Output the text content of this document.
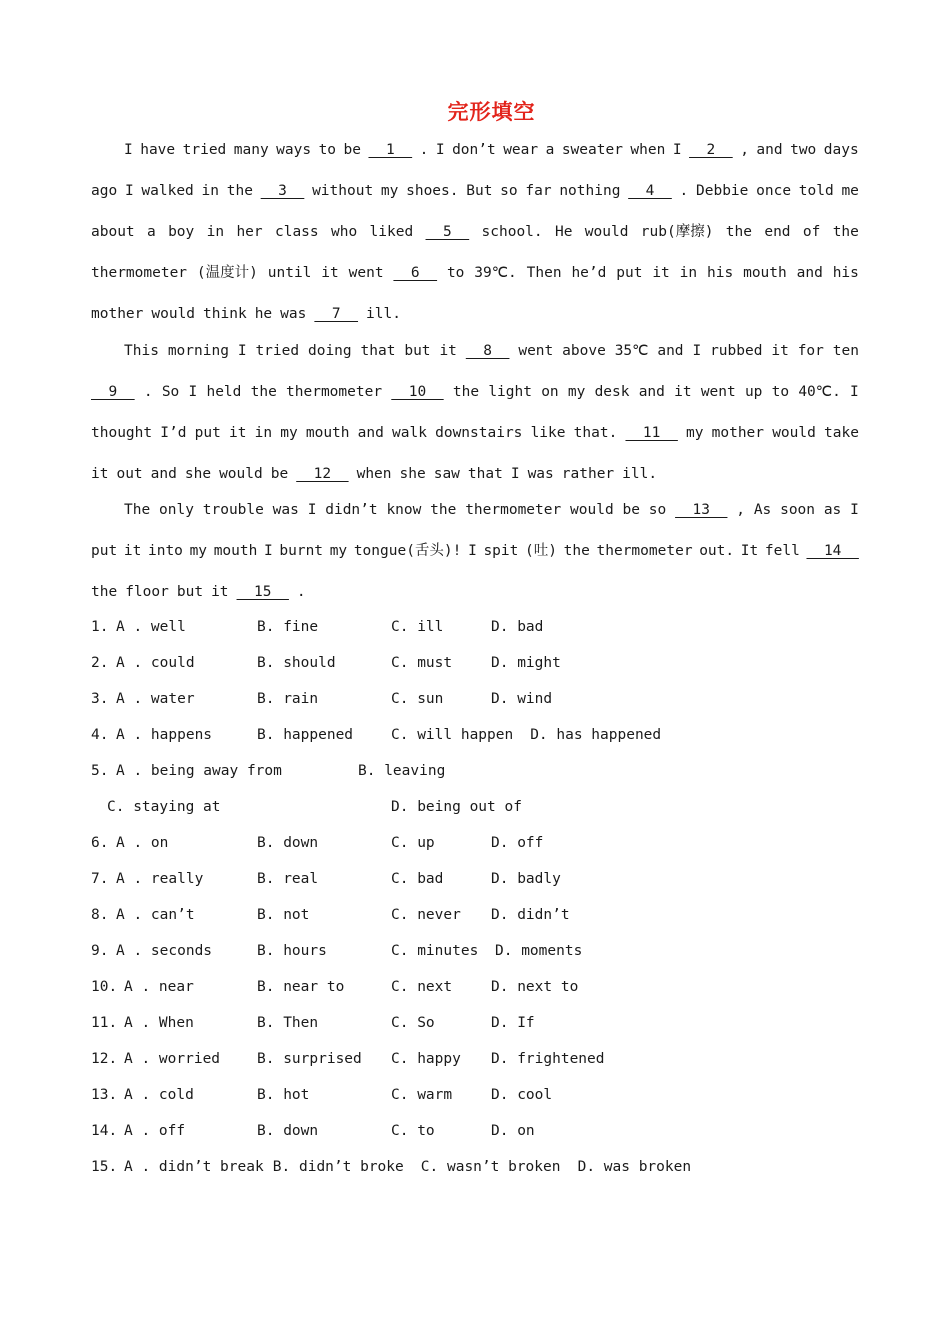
完形填空
I have tried many ways to be 1 . I don’t wear a sweater when I 2 , and two days
ago I walked in the 3 without my shoes. But so far nothing 4 . Debbie once told me
about a boy in her class who liked 5 school. He would rub(摩擦) the end of the
thermometer (温度计) until it went 6 to 39℃. Then he’d put it in his mouth and his
mother would think he was 7 ill.
This morning I tried doing that but it 8 went above 35℃ and I rubbed it for ten
9 . So I held the thermometer 10 the light on my desk and it went up to 40℃. I
thought I’d put it in my mouth and walk downstairs like that. 11 my mother would take
it out and she would be 12 when she saw that I was rather ill.
The only trouble was I didn’t know the thermometer would be so 13 , As soon as I
put it into my mouth I burnt my tongue(舌头)! I spit (吐) the thermometer out. It fell 14
the floor but it 15 .
1. A . well	B. fine	C. ill	D. bad
2. A . could	B. should	C. must	D. might
3. A . water	B. rain	C. sun	D. wind
4. A . happens	B. happened	C. will happen D. has happened
5. A . being away from	B. leaving
C. staying at	D. being out of
6. A . on	B. down	C. up	D. off
7. A . really	B. real	C. bad	D. badly
8. A . can’t	B. not	C. never D. didn’t
9. A . seconds	B. hours	C. minutes D. moments
10. A . near	B. near to	C. next	D. next to
11. A . When	B. Then	C. So	D. If
12. A . worried	B. surprised C. happy D. frightened
13. A . cold	B. hot	C. warm	D. cool
14. A . off	B. down	C. to	D. on
15. A . didn’t break B. didn’t broke C. wasn’t broken D. was broken
